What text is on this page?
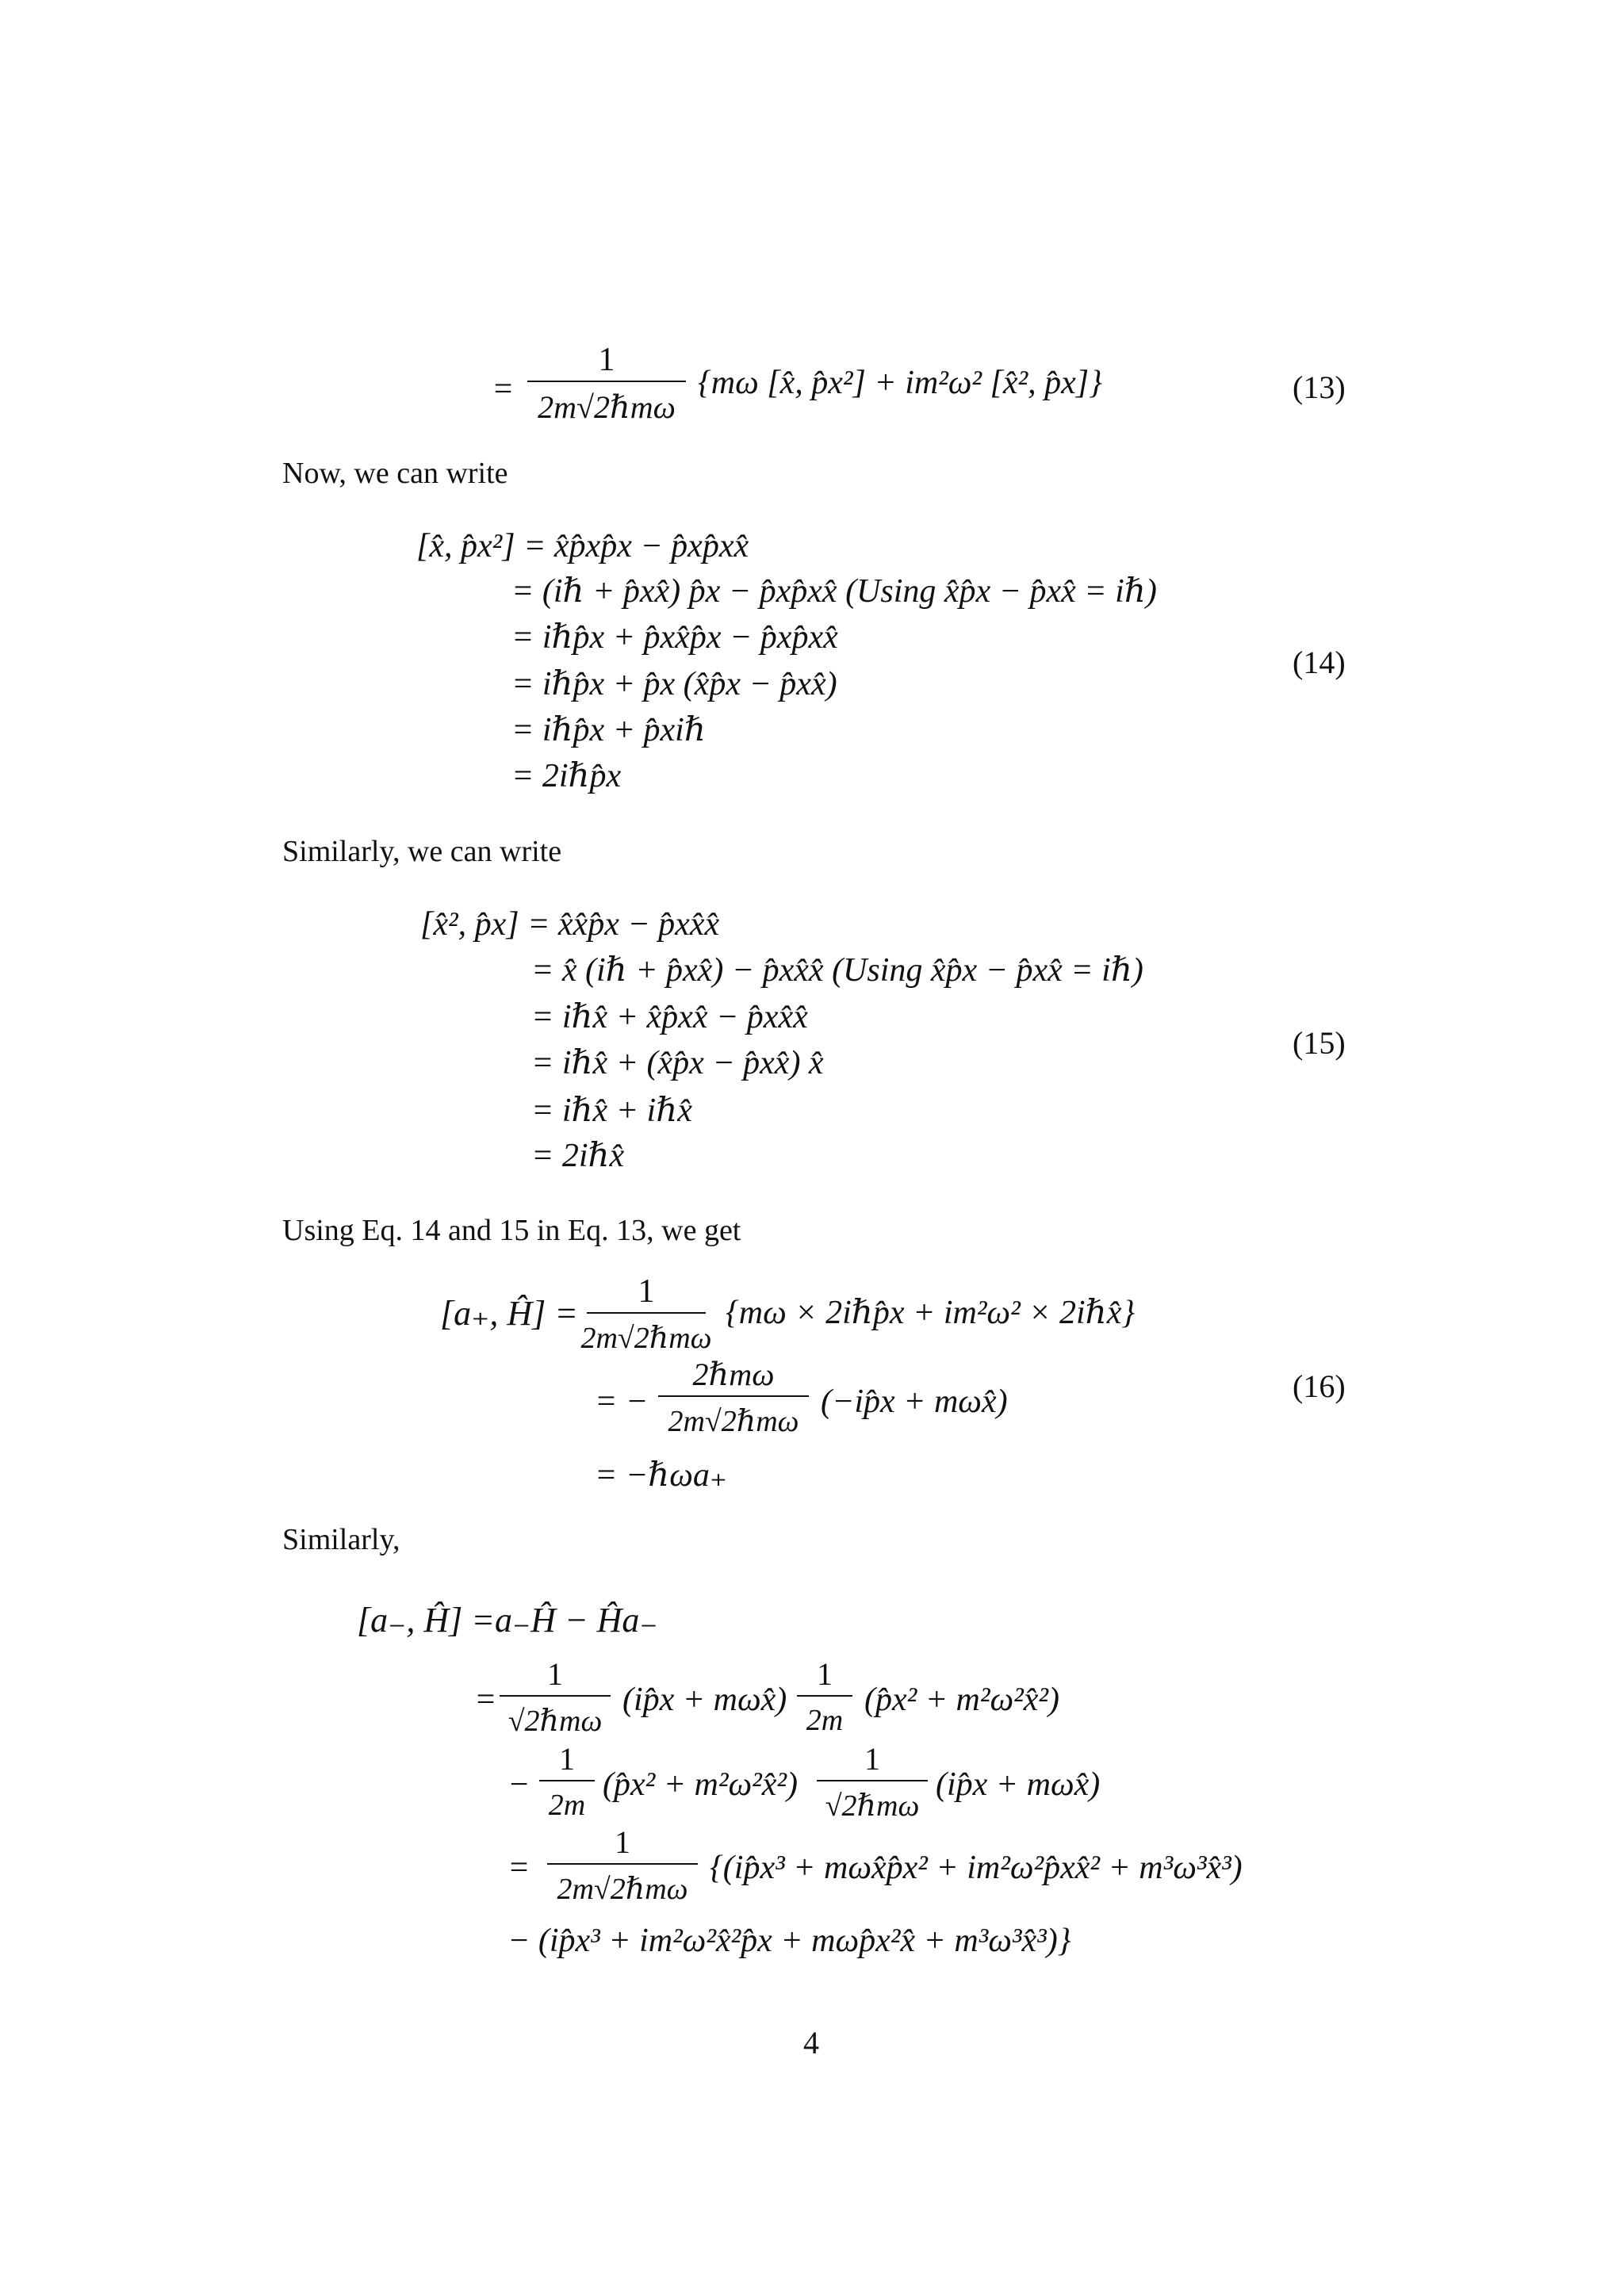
=
1
2m√2ℏmω
{mω [x̂, p̂x²] + im²ω² [x̂², p̂x]}	(13)
Now, we can write
[x̂, p̂x²] = x̂p̂xp̂x − p̂xp̂xx̂
= (iℏ + p̂xx̂) p̂x − p̂xp̂xx̂ (Using x̂p̂x − p̂xx̂ = iℏ)
= iℏp̂x + p̂xx̂p̂x − p̂xp̂xx̂
= iℏp̂x + p̂x (x̂p̂x − p̂xx̂)
= iℏp̂x + p̂xiℏ
= 2iℏp̂x
(14)
Similarly, we can write
[x̂², p̂x] = x̂x̂p̂x − p̂xx̂x̂
= x̂ (iℏ + p̂xx̂) − p̂xx̂x̂ (Using x̂p̂x − p̂xx̂ = iℏ)
= iℏx̂ + x̂p̂xx̂ − p̂xx̂x̂
= iℏx̂ + (x̂p̂x − p̂xx̂) x̂
= iℏx̂ + iℏx̂
= 2iℏx̂
(15)
Using Eq. 14 and 15 in Eq. 13, we get
[a₊, Ĥ] =
1
2m√2ℏmω
{mω × 2iℏp̂x + im²ω² × 2iℏx̂}
= −
2ℏmω
2m√2ℏmω
(−ip̂x + mωx̂)
= −ℏωa₊
(16)
Similarly,
[a₋, Ĥ] =a₋Ĥ − Ĥa₋
=
1
√2ℏmω
(ip̂x + mωx̂)
1
2m
(p̂x² + m²ω²x̂²)
−
1
2m
(p̂x² + m²ω²x̂²)
1
√2ℏmω
(ip̂x + mωx̂)
=
1
2m√2ℏmω
{(ip̂x³ + mωx̂p̂x² + im²ω²p̂xx̂² + m³ω³x̂³)
− (ip̂x³ + im²ω²x̂²p̂x + mωp̂x²x̂ + m³ω³x̂³)}
4
